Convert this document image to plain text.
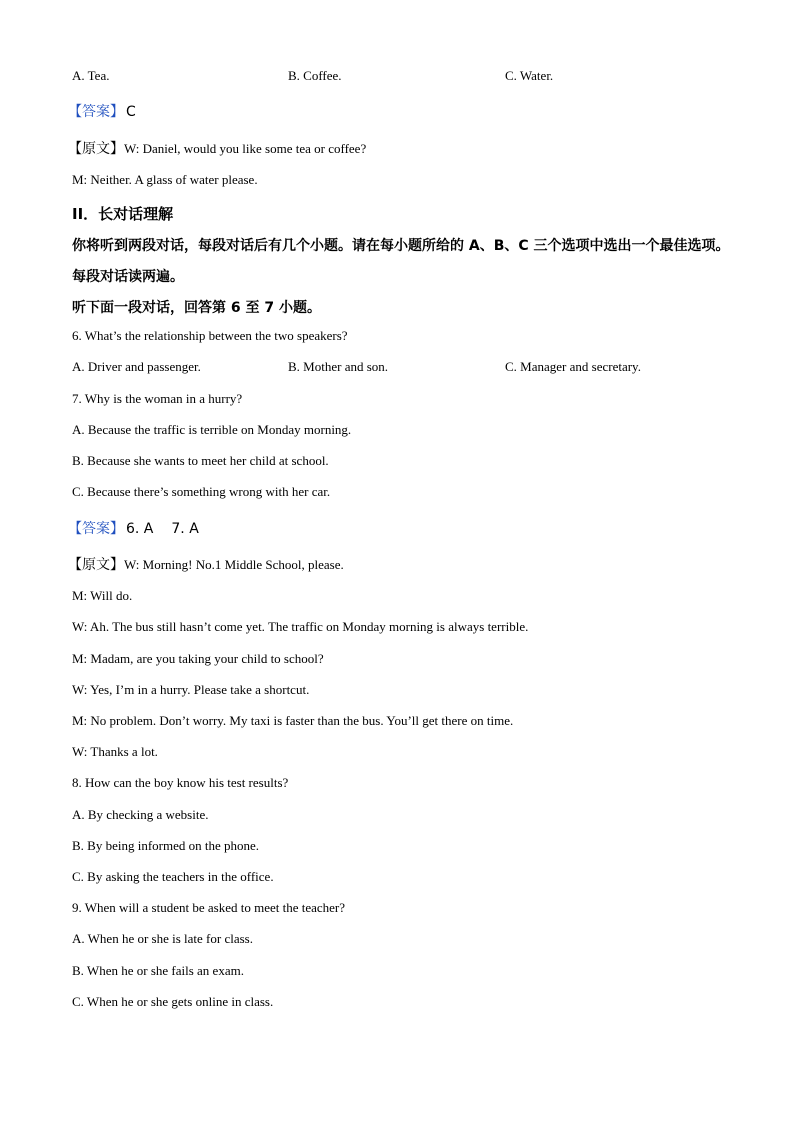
A. Tea.	B. Coffee.	C. Water.
【答案】 C
【原文】W: Daniel, would you like some tea or coffee?
M: Neither. A glass of water please.
II．长对话理解
你将听到两段对话，每段对话后有几个小题。请在每小题所给的 A、B、C 三个选项中选出一个最佳选项。
每段对话读两遍。
听下面一段对话，回答第 6 至 7 小题。
6. What’s the relationship between the two speakers?
A. Driver and passenger.	B. Mother and son.	C. Manager and secretary.
7. Why is the woman in a hurry?
A. Because the traffic is terrible on Monday morning.
B. Because she wants to meet her child at school.
C. Because there’s something wrong with her car.
【答案】 6. A 7. A
【原文】W: Morning! No.1 Middle School, please.
M: Will do.
W: Ah. The bus still hasn’t come yet. The traffic on Monday morning is always terrible.
M: Madam, are you taking your child to school?
W: Yes, I’m in a hurry. Please take a shortcut.
M: No problem. Don’t worry. My taxi is faster than the bus. You’ll get there on time.
W: Thanks a lot.
8. How can the boy know his test results?
A. By checking a website.
B. By being informed on the phone.
C. By asking the teachers in the office.
9. When will a student be asked to meet the teacher?
A. When he or she is late for class.
B. When he or she fails an exam.
C. When he or she gets online in class.
